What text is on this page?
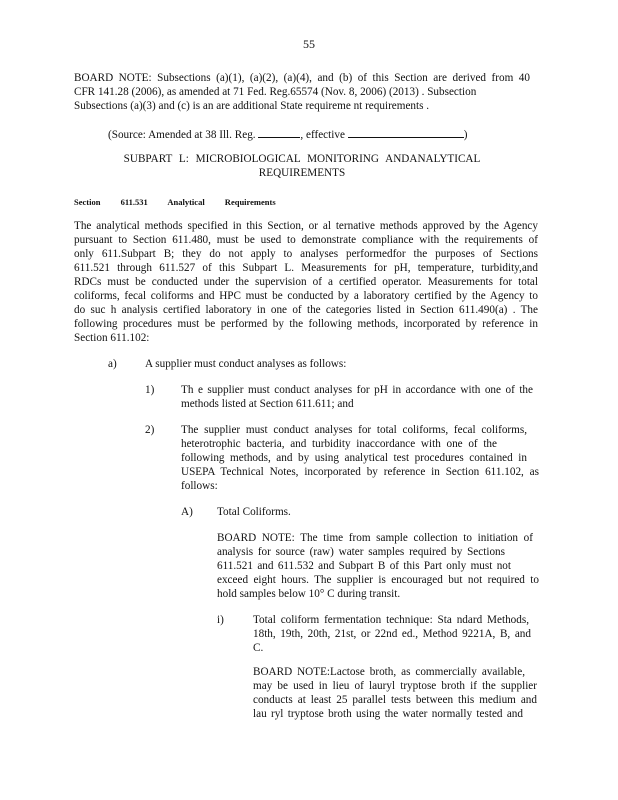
55
BOARD NOTE: Subsections (a)(1), (a)(2), (a)(4), and (b) of this Section are derived from 40
CFR 141.28 (2006), as amended at 71 Fed. Reg.65574 (Nov. 8, 2006) (2013) . Subsection
Subsections (a)(3) and (c) is an are additional State requireme nt requirements .
(Source: Amended at 38 Ill. Reg.	, effective	)
SUBPART L: MICROBIOLOGICAL MONITORING ANDANALYTICAL
REQUIREMENTS
Section 611.531 Analytical Requirements
The analytical methods specified in this Section, or al ternative methods approved by the Agency
pursuant to Section 611.480, must be used to demonstrate compliance with the requirements of
only 611.Subpart B; they do not apply to analyses performedfor the purposes of Sections
611.521 through 611.527 of this Subpart L. Measurements for pH, temperature, turbidity,and
RDCs must be conducted under the supervision of a certified operator. Measurements for total
coliforms, fecal coliforms and HPC must be conducted by a laboratory certified by the Agency to
do suc h analysis certified laboratory in one of the categories listed in Section 611.490(a) . The
following procedures must be performed by the following methods, incorporated by reference in
Section 611.102:
a)	A supplier must conduct analyses as follows:
1) Th e supplier must conduct analyses for pH in accordance with one of the
methods listed at Section 611.611; and
2) The supplier must conduct analyses for total coliforms, fecal coliforms,
heterotrophic bacteria, and turbidity inaccordance with one of the
following methods, and by using analytical test procedures contained in
USEPA Technical Notes, incorporated by reference in Section 611.102, as
follows:
A) Total Coliforms.
BOARD NOTE: The time from sample collection to initiation of
analysis for source (raw) water samples required by Sections
611.521 and 611.532 and Subpart B of this Part only must not
exceed eight hours. The supplier is encouraged but not required to
hold samples below 10° C during transit.
i)	Total coliform fermentation technique: Sta ndard Methods,
18th, 19th, 20th, 21st, or 22nd ed., Method 9221A, B, and
C.
BOARD NOTE:Lactose broth, as commercially available,
may be used in lieu of lauryl tryptose broth if the supplier
conducts at least 25 parallel tests between this medium and
lau ryl tryptose broth using the water normally tested and
